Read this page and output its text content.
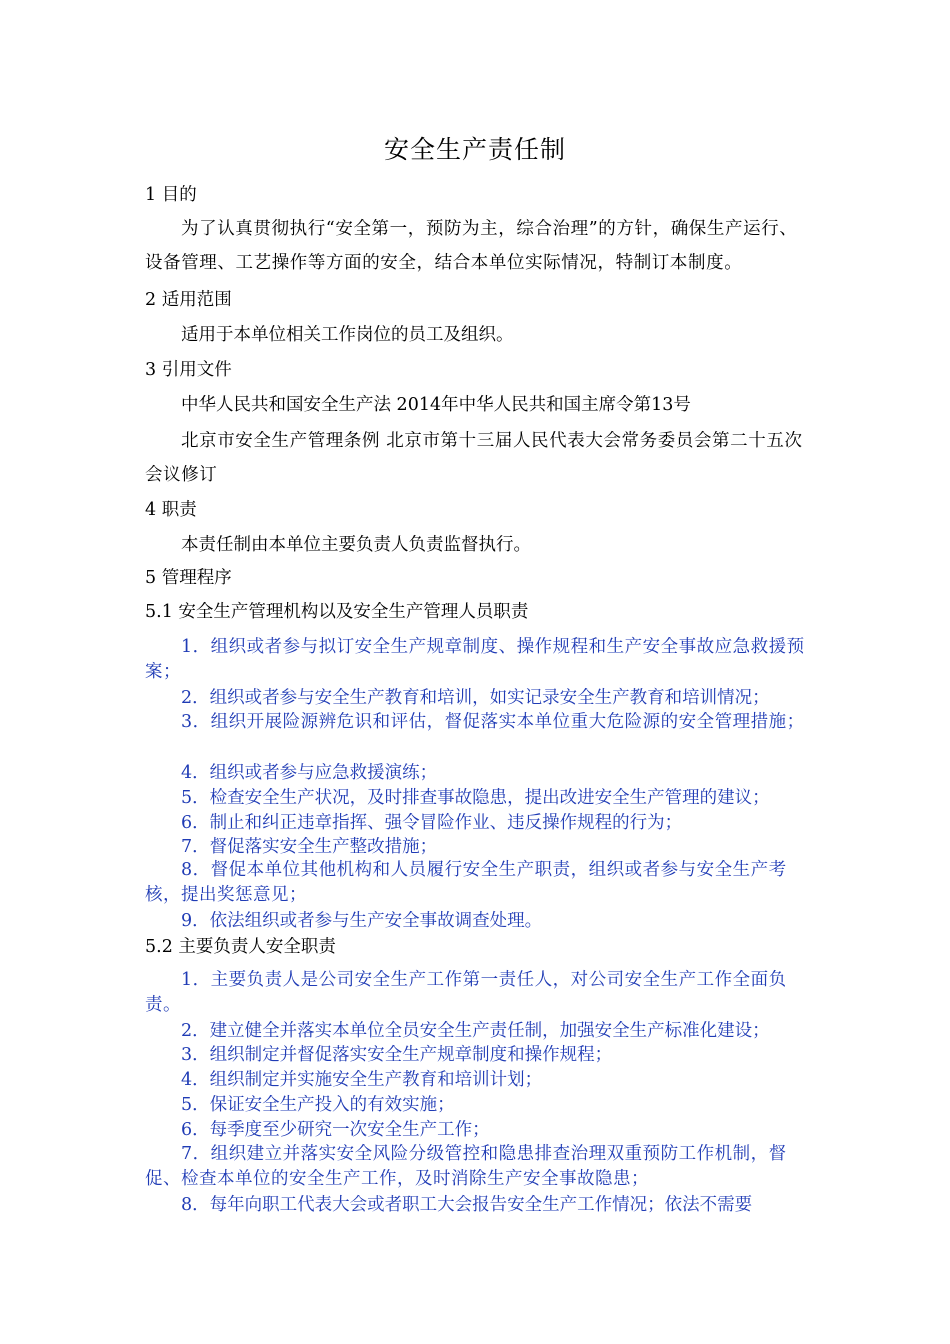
安全生产责任制
1 目的
为了认真贯彻执行“安全第一，预防为主，综合治理”的方针，确保生产运行、设备管理、工艺操作等方面的安全，结合本单位实际情况，特制订本制度。
2 适用范围
适用于本单位相关工作岗位的员工及组织。
3 引用文件
中华人民共和国安全生产法 2014年中华人民共和国主席令第13号
北京市安全生产管理条例 北京市第十三届人民代表大会常务委员会第二十五次会议修订
4 职责
本责任制由本单位主要负责人负责监督执行。
5 管理程序
5.1 安全生产管理机构以及安全生产管理人员职责
1．组织或者参与拟订安全生产规章制度、操作规程和生产安全事故应急救援预案；
2．组织或者参与安全生产教育和培训，如实记录安全生产教育和培训情况；
3．组织开展险源辨危识和评估，督促落实本单位重大危险源的安全管理措施；
4．组织或者参与应急救援演练；
5．检查安全生产状况，及时排查事故隐患，提出改进安全生产管理的建议；
6．制止和纠正违章指挥、强令冒险作业、违反操作规程的行为；
7．督促落实安全生产整改措施；
8．督促本单位其他机构和人员履行安全生产职责，组织或者参与安全生产考核，提出奖惩意见；
9．依法组织或者参与生产安全事故调查处理。
5.2 主要负责人安全职责
1．主要负责人是公司安全生产工作第一责任人，对公司安全生产工作全面负责。
2．建立健全并落实本单位全员安全生产责任制，加强安全生产标准化建设；
3．组织制定并督促落实安全生产规章制度和操作规程；
4．组织制定并实施安全生产教育和培训计划；
5．保证安全生产投入的有效实施；
6．每季度至少研究一次安全生产工作；
7．组织建立并落实安全风险分级管控和隐患排查治理双重预防工作机制，督促、检查本单位的安全生产工作，及时消除生产安全事故隐患；
8．每年向职工代表大会或者职工大会报告安全生产工作情况；依法不需要
